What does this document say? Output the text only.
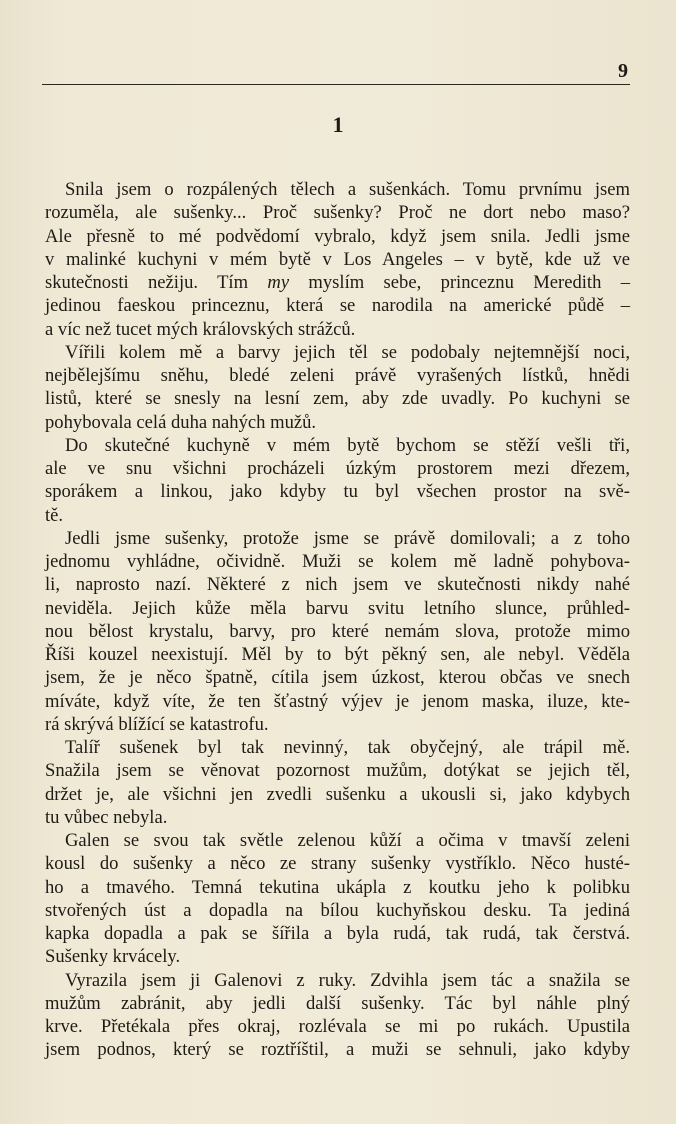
9
1

Snila jsem o rozpálených tělech a sušenkách. Tomu prvnímu jsem
rozuměla, ale sušenky... Proč sušenky? Proč ne dort nebo maso?
Ale přesně to mé podvědomí vybralo, když jsem snila. Jedli jsme
v malinké kuchyni v mém bytě v Los Angeles – v bytě, kde už ve
skutečnosti nežiju. Tím my myslím sebe, princeznu Meredith –
jedinou faeskou princeznu, která se narodila na americké půdě –
a víc než tucet mých královských strážců.

Vířili kolem mě a barvy jejich těl se podobaly nejtemnější noci,
nejbělejšímu sněhu, bledé zeleni právě vyrašených lístků, hnědi
listů, které se snesly na lesní zem, aby zde uvadly. Po kuchyni se
pohybovala celá duha nahých mužů.

Do skutečné kuchyně v mém bytě bychom se stěží vešli tři,
ale ve snu všichni procházeli úzkým prostorem mezi dřezem,
sporákem a linkou, jako kdyby tu byl všechen prostor na svě-
tě.

Jedli jsme sušenky, protože jsme se právě domilovali; a z toho
jednomu vyhládne, očividně. Muži se kolem mě ladně pohybova-
li, naprosto nazí. Některé z nich jsem ve skutečnosti nikdy nahé
neviděla. Jejich kůže měla barvu svitu letního slunce, průhled-
nou bělost krystalu, barvy, pro které nemám slova, protože mimo
Říši kouzel neexistují. Měl by to být pěkný sen, ale nebyl. Věděla
jsem, že je něco špatně, cítila jsem úzkost, kterou občas ve snech
míváte, když víte, že ten šťastný výjev je jenom maska, iluze, kte-
rá skrývá blížící se katastrofu.

Talíř sušenek byl tak nevinný, tak obyčejný, ale trápil mě.
Snažila jsem se věnovat pozornost mužům, dotýkat se jejich těl,
držet je, ale všichni jen zvedli sušenku a ukousli si, jako kdybych
tu vůbec nebyla.

Galen se svou tak světle zelenou kůží a očima v tmavší zeleni
kousl do sušenky a něco ze strany sušenky vystříklo. Něco husté-
ho a tmavého. Temná tekutina ukápla z koutku jeho k polibku
stvořených úst a dopadla na bílou kuchyňskou desku. Ta jediná
kapka dopadla a pak se šířila a byla rudá, tak rudá, tak čerstvá.
Sušenky krvácely.

Vyrazila jsem ji Galenovi z ruky. Zdvihla jsem tác a snažila se
mužům zabránit, aby jedli další sušenky. Tác byl náhle plný
krve. Přetékala přes okraj, rozlévala se mi po rukách. Upustila
jsem podnos, který se roztříštil, a muži se sehnuli, jako kdyby
